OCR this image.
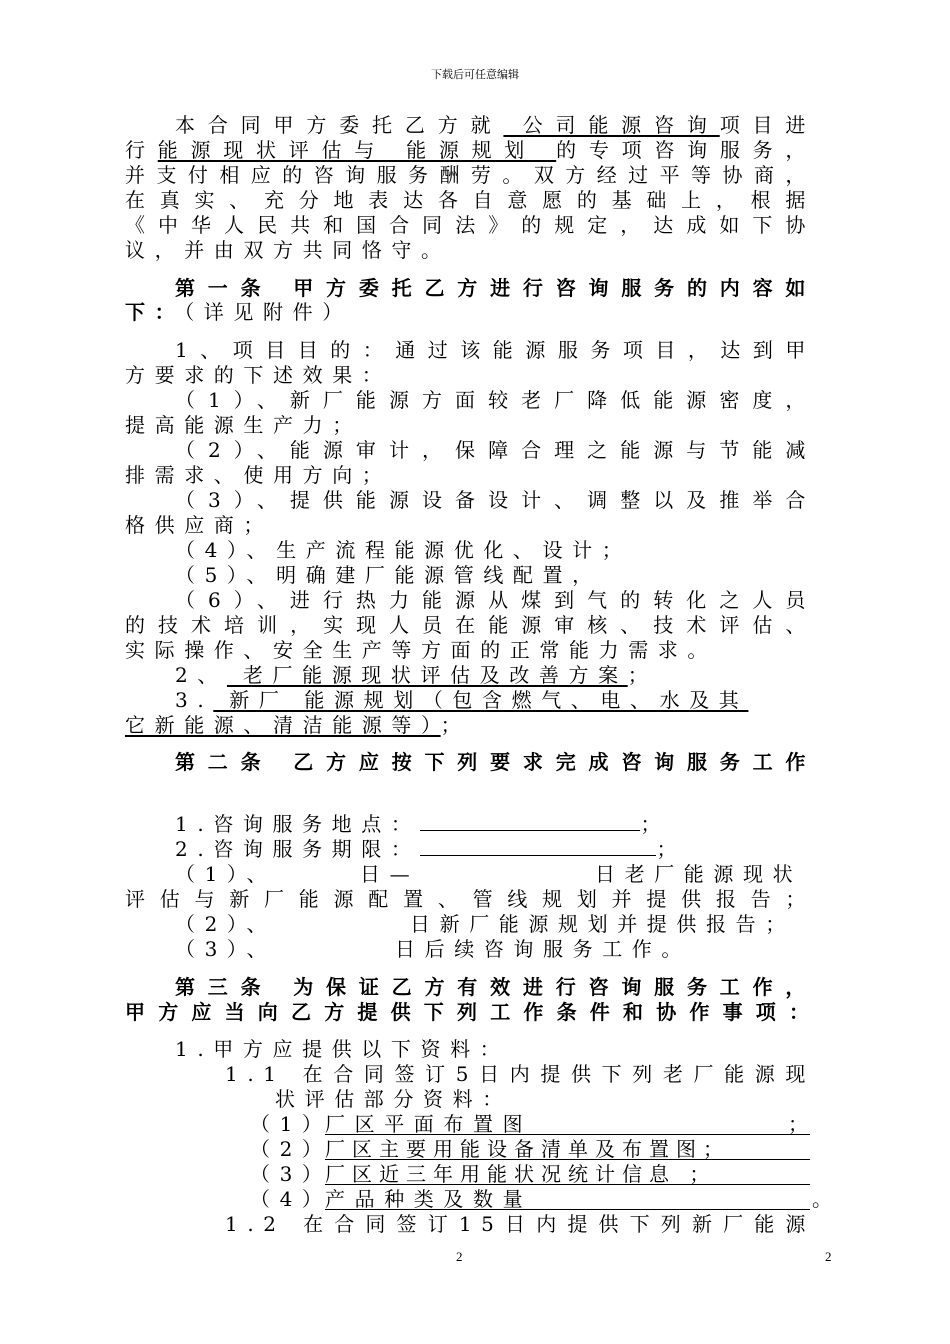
下载后可任意编辑
本合同甲方委托乙方就 公司能源咨询项目进
行能源现状评估与 能源规划 的专项咨询服务，
并支付相应的咨询服务酬劳。双方经过平等协商，
在真实、充分地表达各自意愿的基础上，根据
《中华人民共和国合同法》的规定，达成如下协
议，并由双方共同恪守。
第一条 甲方委托乙方进行咨询服务的内容如
下：（详见附件）
1、项目目的：通过该能源服务项目，达到甲
方要求的下述效果：
（1）、新厂能源方面较老厂降低能源密度，
提高能源生产力；
（2）、能源审计，保障合理之能源与节能减
排需求、使用方向；
（3）、提供能源设备设计、调整以及推举合
格供应商；
（4）、生产流程能源优化、设计；
（5）、明确建厂能源管线配置，
（6）、进行热力能源从煤到气的转化之人员
的技术培训，实现人员在能源审核、技术评估、
实际操作、安全生产等方面的正常能力需求。
2、 老厂能源现状评估及改善方案；
3. 新厂 能源规划（包含燃气、电、水及其
它新能源、清洁能源等）；
第二条 乙方应按下列要求完成咨询服务工作
1.咨询服务地点：	；
2.咨询服务期限：	；
（1）、	日—	日老厂能源现状
评估与新厂能源配置、管线规划并提供报告；
（2）、	日新厂能源规划并提供报告；
（3）、	日后续咨询服务工作。
第三条 为保证乙方有效进行咨询服务工作，
甲方应当向乙方提供下列工作条件和协作事项：
1.甲方应提供以下资料：
1.1 在合同签订5日内提供下列老厂能源现
状评估部分资料：
（1）
厂区平面布置图	；
（2）
厂区主要用能设备清单及布置图；
（3）
厂区近三年用能状况统计信息 ；
（4）
产品种类及数量	。
1.2 在合同签订15日内提供下列新厂能源
2	2
